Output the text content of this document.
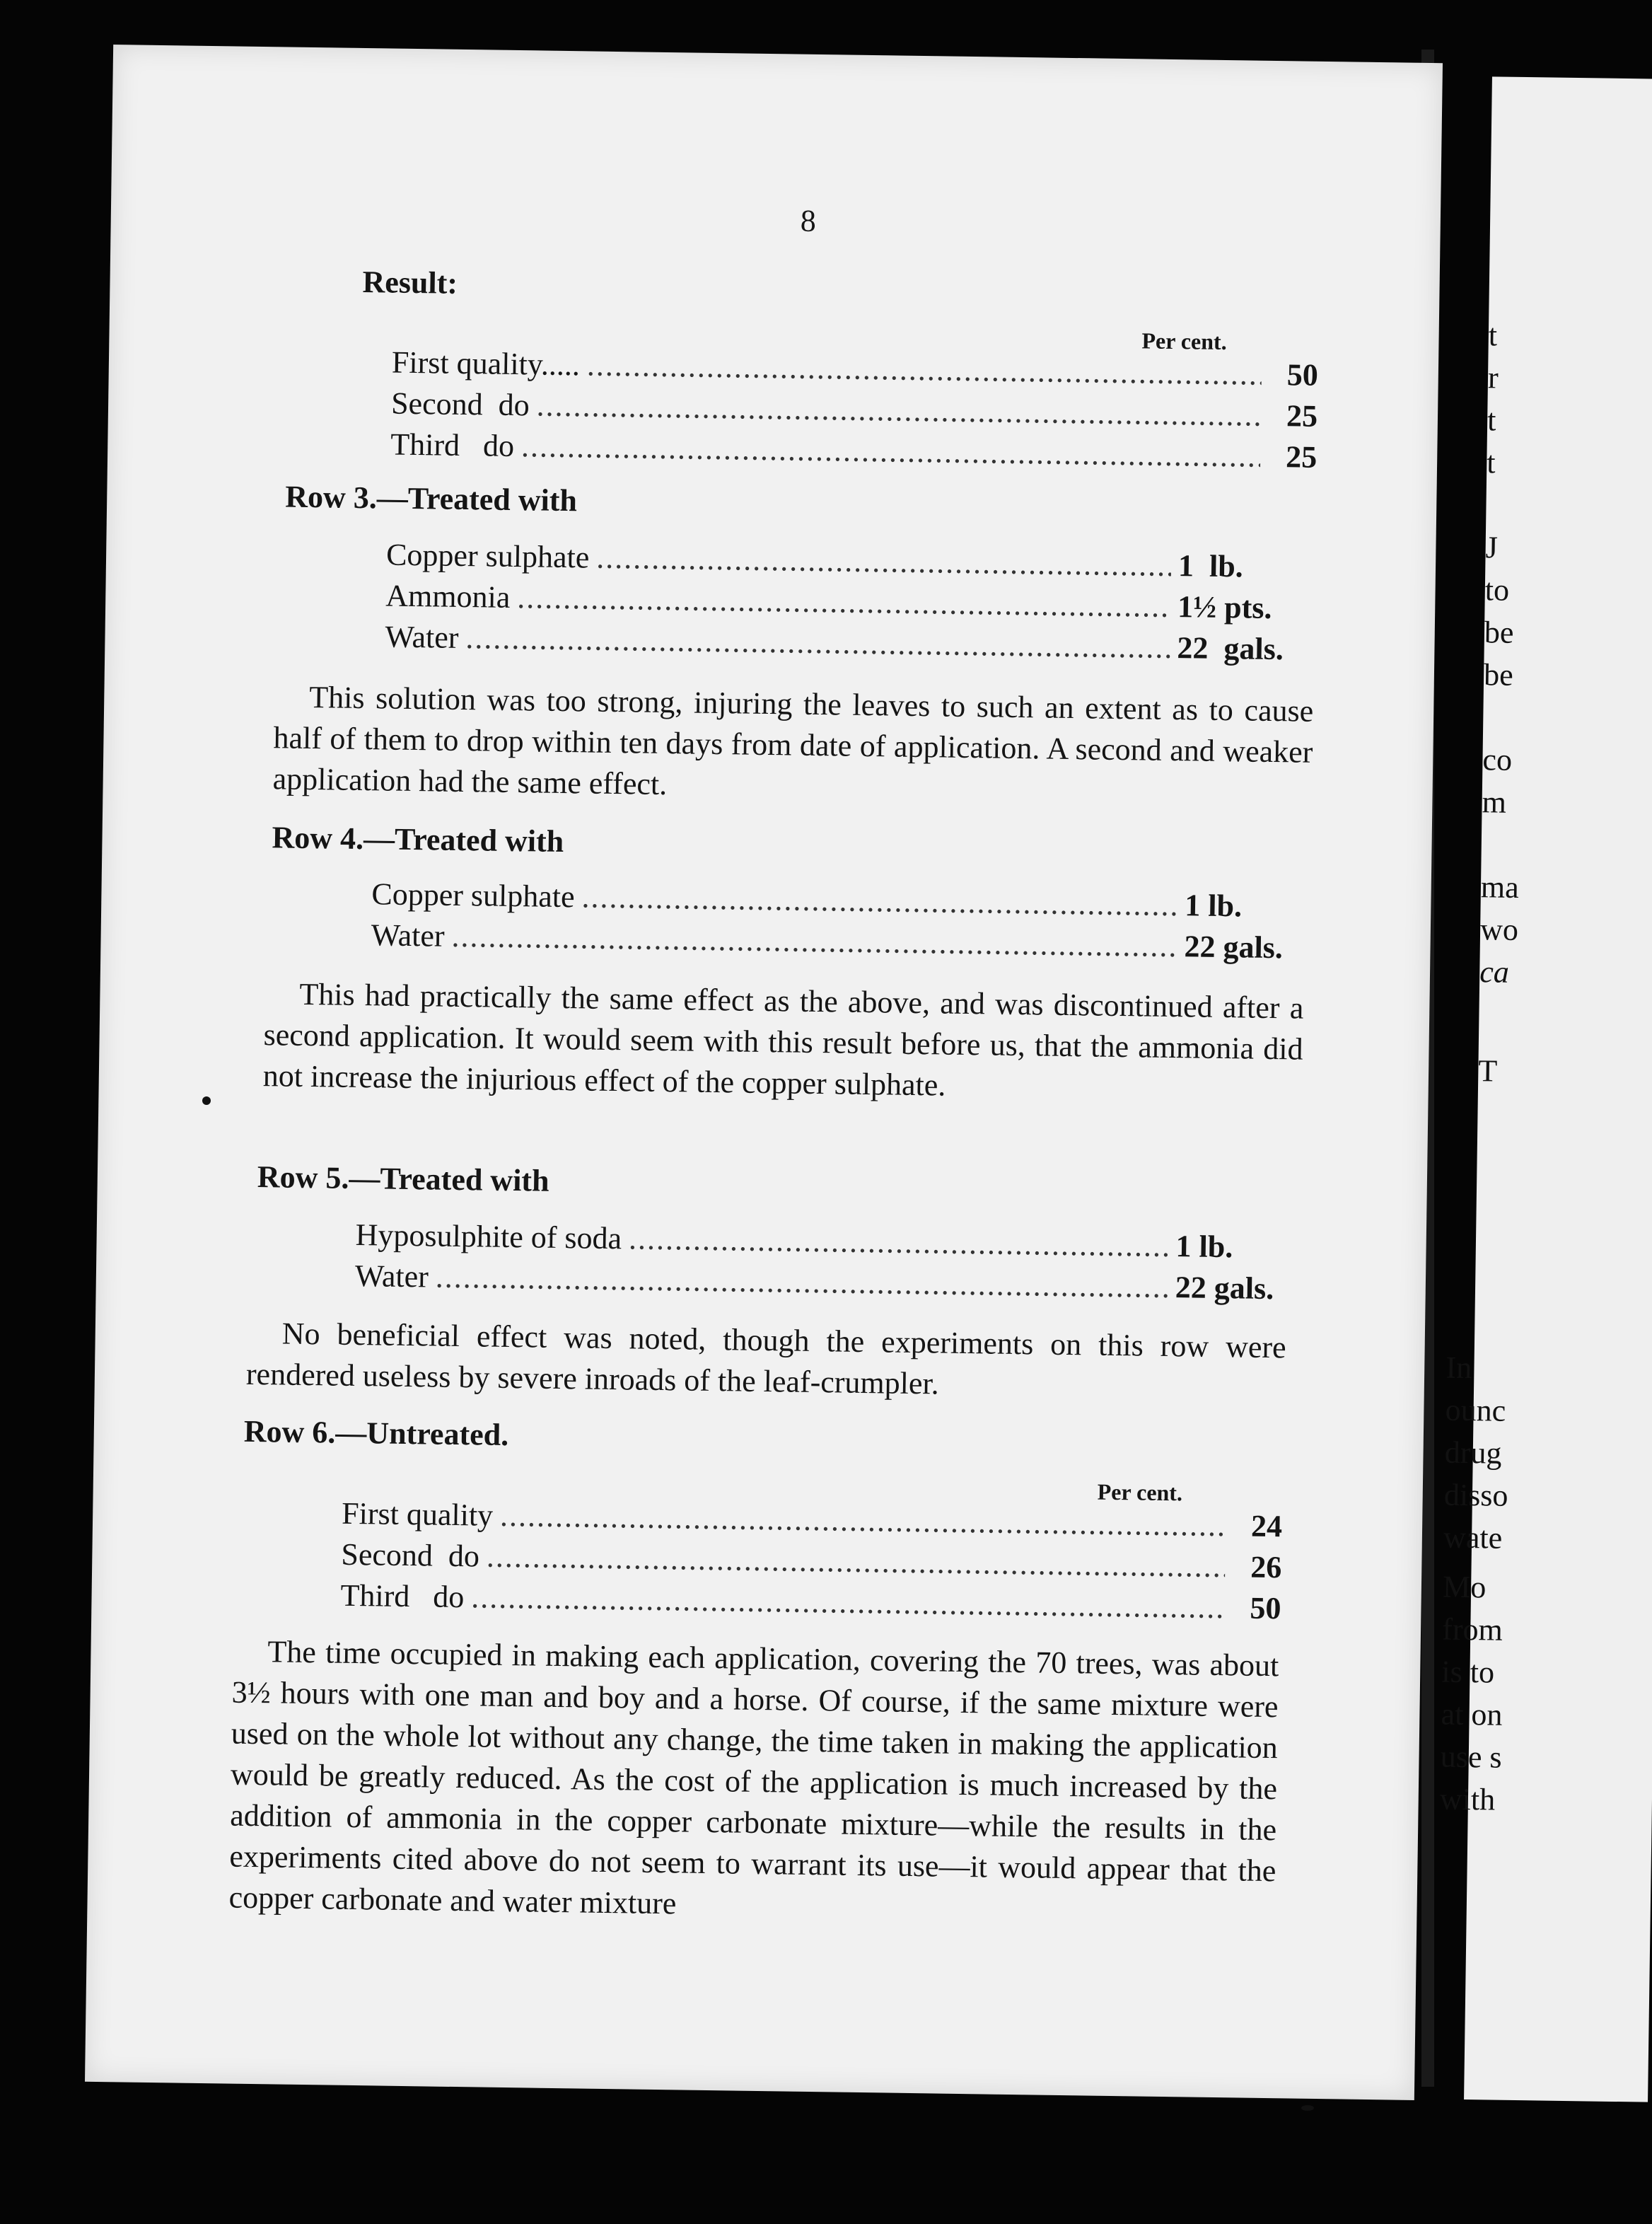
t
r
t
t
J
to
be
be
co
m
ma
wo
ca
T
In
ounc
drug
disso
wate
Mo
from
is to
at on
use s
with
8
Result:
Per cent.
First quality..... .....	50
Second  do .....	25
Third   do .....	25
Row 3.—Treated with
Copper sulphate .....	1  lb.
Ammonia .....	1½ pts.
Water .....	22  gals.
This solution was too strong, injuring the leaves to such an extent as to cause half of them to drop within ten days from date of application. A second and weaker application had the same effect.
Row 4.—Treated with
Copper sulphate .....	1 lb.
Water .....	22 gals.
This had practically the same effect as the above, and was discontinued after a second application. It would seem with this result before us, that the ammonia did not increase the injurious effect of the copper sulphate.
Row 5.—Treated with
Hyposulphite of soda .....	1 lb.
Water .....	22 gals.
No beneficial effect was noted, though the experiments on this row were rendered useless by severe inroads of the leaf-crumpler.
Row 6.—Untreated.
Per cent.
First quality .....	24
Second  do .....	26
Third   do .....	50
The time occupied in making each application, covering the 70 trees, was about 3½ hours with one man and boy and a horse. Of course, if the same mixture were used on the whole lot without any change, the time taken in making the application would be greatly reduced. As the cost of the application is much increased by the addition of ammonia in the copper carbonate mixture—while the results in the experiments cited above do not seem to warrant its use—it would appear that the copper carbonate and water mixture
